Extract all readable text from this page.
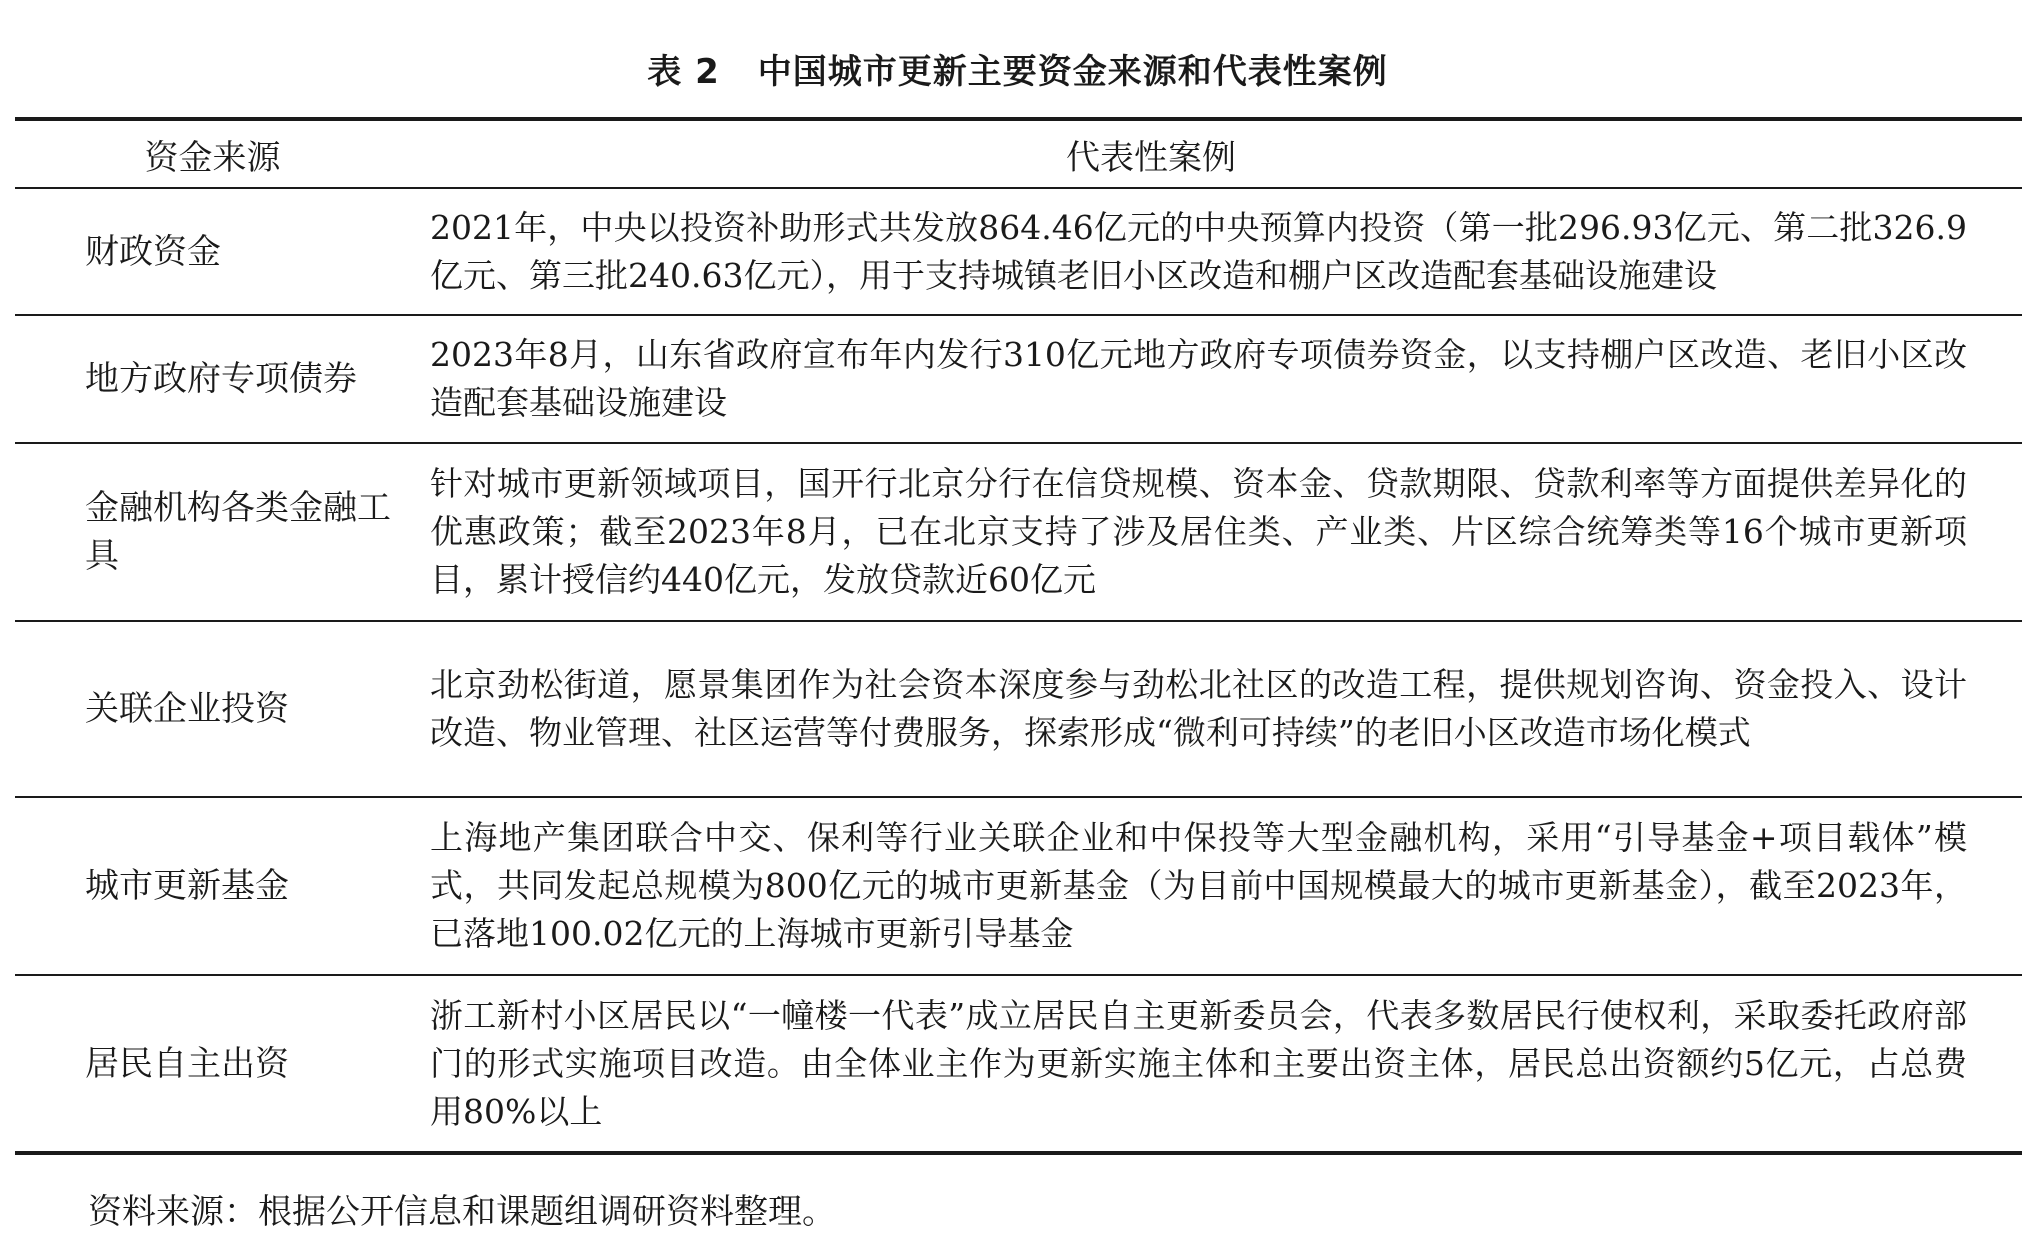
表 2 中国城市更新主要资金来源和代表性案例
资金来源	代表性案例
财政资金
2021年，中央以投资补助形式共发放864.46亿元的中央预算内投资（第一批296.93亿元、第二批326.9亿元、第三批240.63亿元），用于支持城镇老旧小区改造和棚户区改造配套基础设施建设
地方政府专项债券
2023年8月，山东省政府宣布年内发行310亿元地方政府专项债券资金，以支持棚户区改造、老旧小区改造配套基础设施建设
金融机构各类金融工具
针对城市更新领域项目，国开行北京分行在信贷规模、资本金、贷款期限、贷款利率等方面提供差异化的优惠政策；截至2023年8月，已在北京支持了涉及居住类、产业类、片区综合统筹类等16个城市更新项目，累计授信约440亿元，发放贷款近60亿元
关联企业投资
北京劲松街道，愿景集团作为社会资本深度参与劲松北社区的改造工程，提供规划咨询、资金投入、设计改造、物业管理、社区运营等付费服务，探索形成“微利可持续”的老旧小区改造市场化模式
城市更新基金
上海地产集团联合中交、保利等行业关联企业和中保投等大型金融机构，采用“引导基金+项目载体”模式，共同发起总规模为800亿元的城市更新基金（为目前中国规模最大的城市更新基金），截至2023年，已落地100.02亿元的上海城市更新引导基金
居民自主出资
浙工新村小区居民以“一幢楼一代表”成立居民自主更新委员会，代表多数居民行使权利，采取委托政府部门的形式实施项目改造。由全体业主作为更新实施主体和主要出资主体，居民总出资额约5亿元，占总费用80%以上
资料来源：根据公开信息和课题组调研资料整理。
